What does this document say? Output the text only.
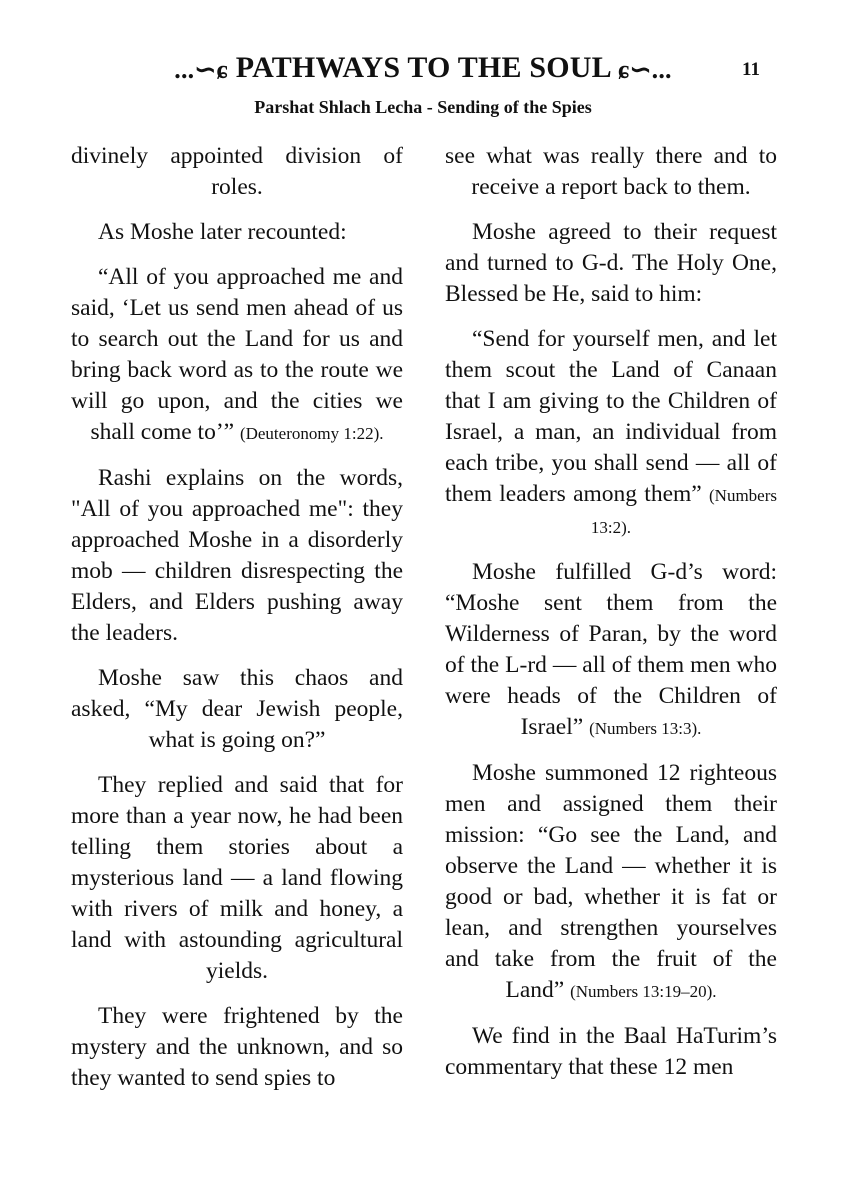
...∽ɕ PATHWAYS TO THE SOUL ɕ∽...	11
Parshat Shlach Lecha - Sending of the Spies

divinely appointed division of roles.

As Moshe later recounted:

“All of you approached me and said, ‘Let us send men ahead of us to search out the Land for us and bring back word as to the route we will go upon, and the cities we shall come to’” (Deuteronomy 1:22).

Rashi explains on the words, "All of you approached me": they approached Moshe in a disorderly mob — children disrespecting the Elders, and Elders pushing away the leaders.

Moshe saw this chaos and asked, “My dear Jewish people, what is going on?”

They replied and said that for more than a year now, he had been telling them stories about a mysterious land — a land flowing with rivers of milk and honey, a land with astounding agricultural yields.

They were frightened by the mystery and the unknown, and so they wanted to send spies to

see what was really there and to receive a report back to them.

Moshe agreed to their request and turned to G-d. The Holy One, Blessed be He, said to him:

“Send for yourself men, and let them scout the Land of Canaan that I am giving to the Children of Israel, a man, an individual from each tribe, you shall send — all of them leaders among them” (Numbers 13:2).

Moshe fulfilled G-d’s word: “Moshe sent them from the Wilderness of Paran, by the word of the L-rd — all of them men who were heads of the Children of Israel” (Numbers 13:3).

Moshe summoned 12 righteous men and assigned them their mission: “Go see the Land, and observe the Land — whether it is good or bad, whether it is fat or lean, and strengthen yourselves and take from the fruit of the Land” (Numbers 13:19–20).

We find in the Baal HaTurim’s commentary that these 12 men
